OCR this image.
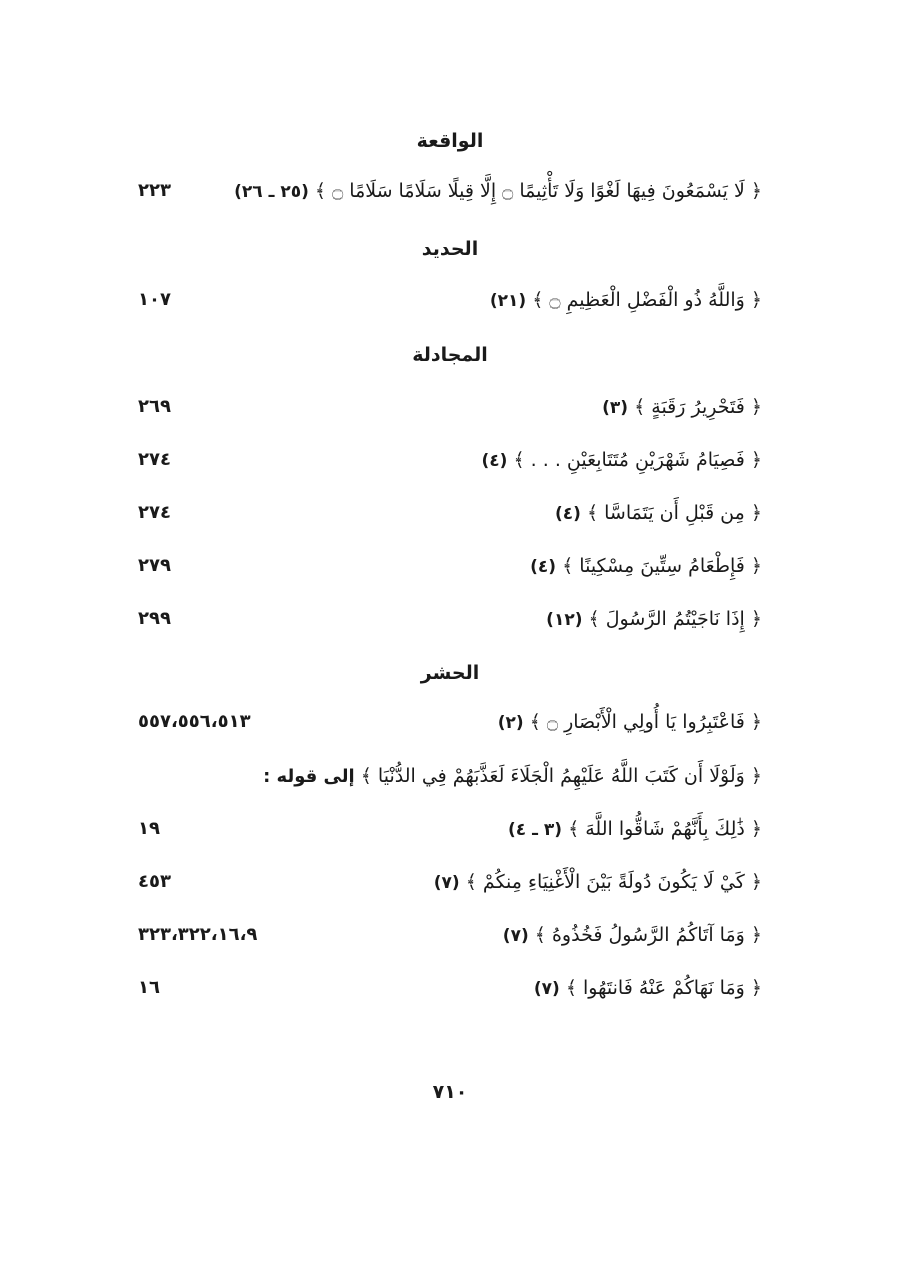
الواقعة
﴿ لَا يَسْمَعُونَ فِيهَا لَغْوًا وَلَا تَأْثِيمًا ۝ إِلَّا قِيلًا سَلَامًا سَلَامًا ۝ ﴾ (٢٥ ـ ٢٦)
٢٢٣
الحديد
﴿ وَاللَّهُ ذُو الْفَضْلِ الْعَظِيمِ ۝ ﴾ (٢١)
١٠٧
المجادلة
﴿ فَتَحْرِيرُ رَقَبَةٍ ﴾ (٣)
٢٦٩
﴿ فَصِيَامُ شَهْرَيْنِ مُتَتَابِعَيْنِ . . . ﴾ (٤)
٢٧٤
﴿ مِن قَبْلِ أَن يَتَمَاسَّا ﴾ (٤)
٢٧٤
﴿ فَإِطْعَامُ سِتِّينَ مِسْكِينًا ﴾ (٤)
٢٧٩
﴿ إِذَا نَاجَيْتُمُ الرَّسُولَ ﴾ (١٢)
٢٩٩
الحشر
﴿ فَاعْتَبِرُوا يَا أُولِي الْأَبْصَارِ ۝ ﴾ (٢)
٥٥٧،٥٥٦،٥١٣
﴿ وَلَوْلَا أَن كَتَبَ اللَّهُ عَلَيْهِمُ الْجَلَاءَ لَعَذَّبَهُمْ فِي الدُّنْيَا ﴾ إلى قوله :
﴿ ذَٰلِكَ بِأَنَّهُمْ شَاقُّوا اللَّهَ ﴾ (٣ ـ ٤)
١٩
﴿ كَيْ لَا يَكُونَ دُولَةً بَيْنَ الْأَغْنِيَاءِ مِنكُمْ ﴾ (٧)
٤٥٣
﴿ وَمَا آتَاكُمُ الرَّسُولُ فَخُذُوهُ ﴾ (٧)
٣٢٣،٣٢٢،١٦،٩
﴿ وَمَا نَهَاكُمْ عَنْهُ فَانتَهُوا ﴾ (٧)
١٦
٧١٠
